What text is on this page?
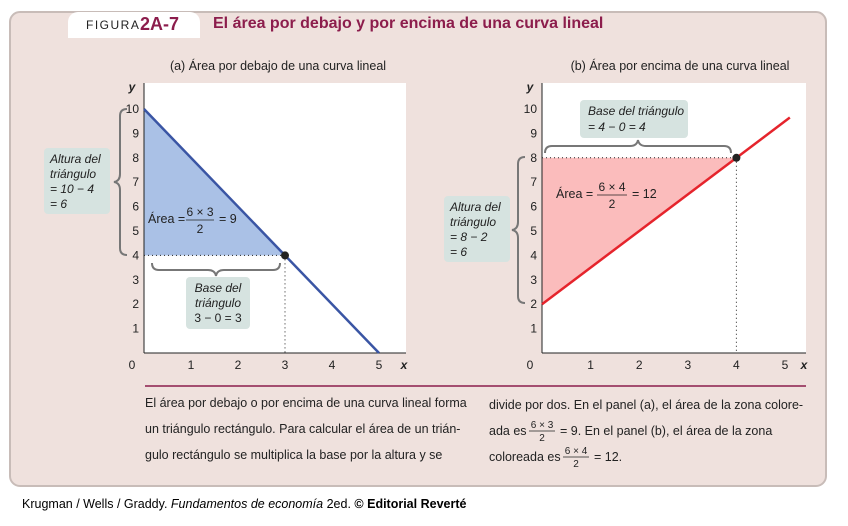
1
2
3
4
5
6
7
8
9
10
1	2	3	4	5
0	x
y
1
2
3
4
5
6
7
8
9
10
1	2	3	4	5
0	x
y
(a) Área por debajo de una curva lineal	(b) Área por encima de una curva lineal
Altura del
triángulo
= 10 − 4
= 6
Base del
triángulo
3 − 0 = 3
Altura del
triángulo
= 8 − 2
= 6
Base del triángulo
= 4 − 0 = 4
Área = 6 × 3
2
= 9
Área = 6 × 4
2
= 12
divide por dos. En el panel (a), el área de la zona colore-
ada es 6 × 3
2
= 9. En el panel (b), el área de la zona
coloreada es 6 × 4
2
= 12.
FIGURA 2A-7 El área por debajo y por encima de una curva lineal
El área por debajo o por encima de una curva lineal forma
un triángulo rectángulo. Para calcular el área de un trián-
gulo rectángulo se multiplica la base por la altura y se
Krugman / Wells / Graddy. Fundamentos de economía 2ed. © Editorial Reverté
